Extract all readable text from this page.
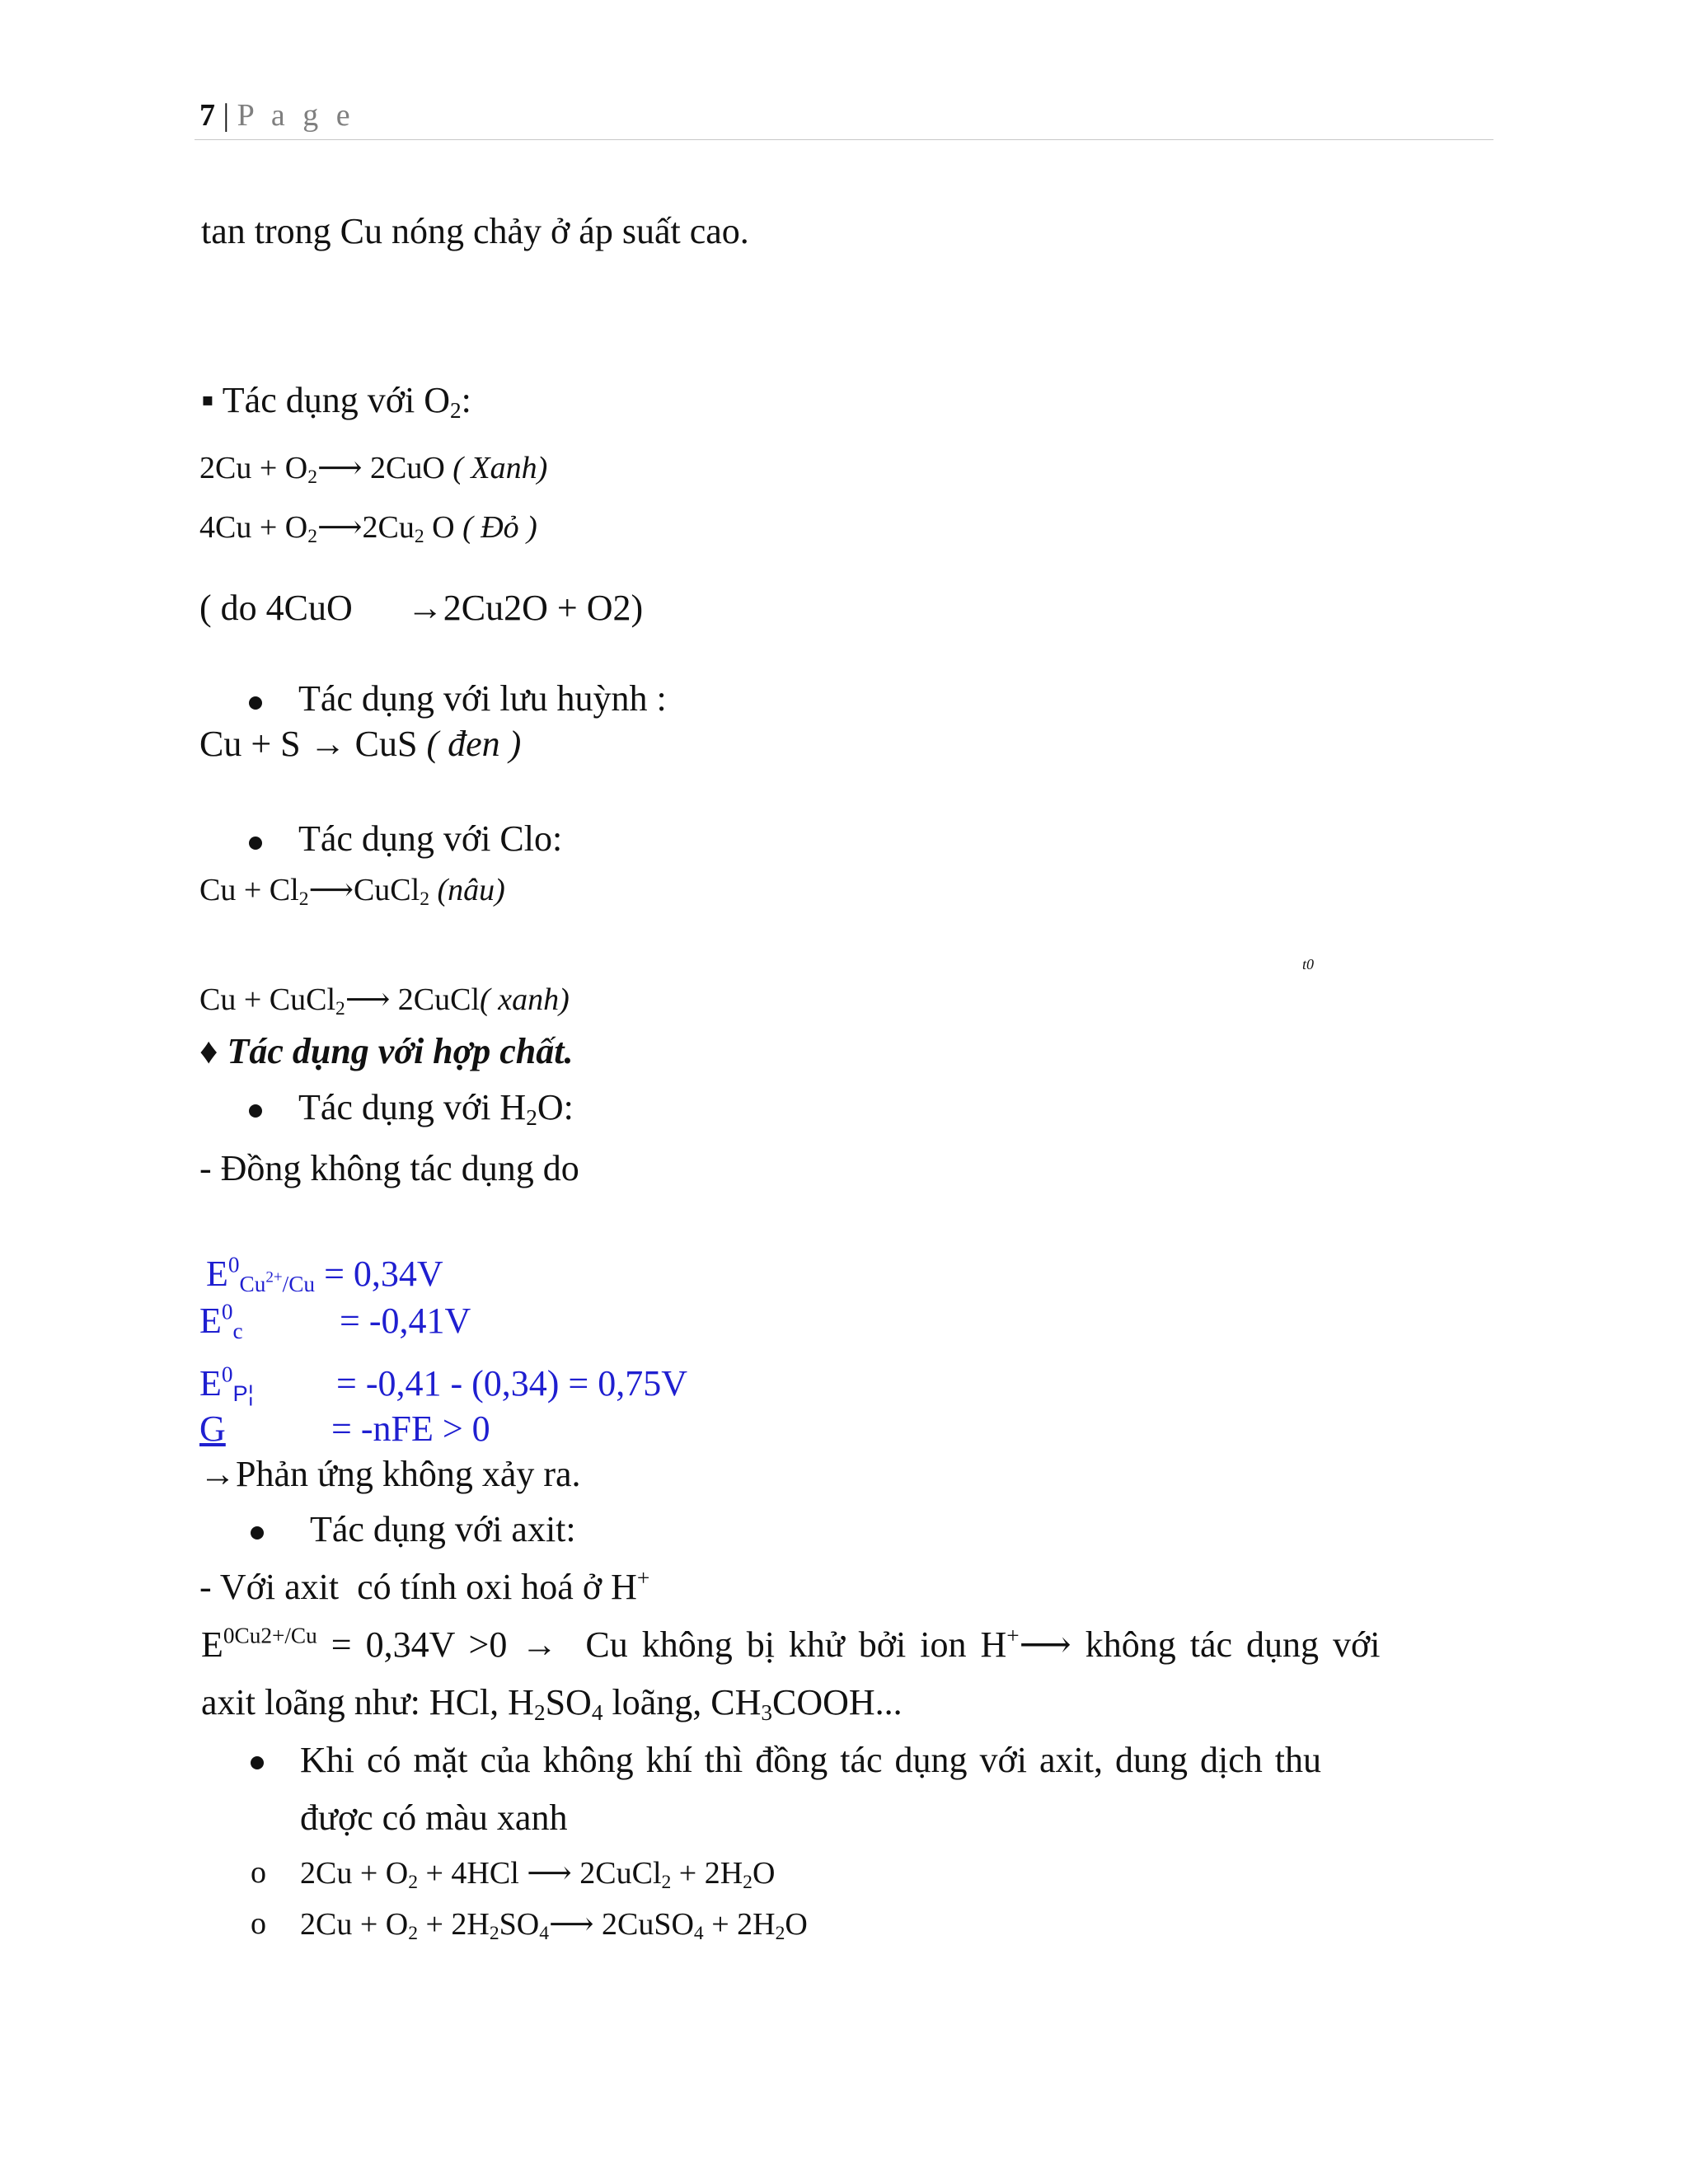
7 | P a g e
tan trong Cu nóng chảy ở áp suất cao.
▪ Tác dụng với $O_2$:
$2Cu + O_2⟶$ 2CuO ( Xanh)
$4Cu + O_2⟶2Cu_2$ O ( Đỏ )
( do 4CuO      →2Cu2O + O2)
Tác dụng với lưu huỳnh :
Cu + S → CuS ( đen )
Tác dụng với Clo:
$Cu + Cl_2⟶CuCl_2$ (nâu)
t0
Cu + CuCl$_2$⟶ 2CuCl( xanh)
♦ Tác dụng với hợp chất.
Tác dụng với $H_2O$:
- Đồng không tác dụng do
$E^0_{Cu^{2+}/Cu} = 0,34V$
$E^0_c$	= -0,41V
$E^0_{P¦} = -0,41 - (0,34) = 0,75V$
G	= -nFE > 0
→Phản ứng không xảy ra.
Tác dụng với axit:
- Với axit  có tính oxi hoá ở H+
$E^{0Cu2+/Cu} = 0,34V >0 \to Cu$ không bị khử bởi ion H+⟶ không tác dụng với
axit loãng như: HCl, $H_2SO_4$ loãng, $CH_3COOH$...
Khi có mặt của không khí thì đồng tác dụng với axit, dung dịch thu
được có màu xanh
o $2Cu + O_2 + 4HCl$ ⟶ 2CuCl$_2$ + $2H_2O$
o $2Cu + O_2$ + $2H_2SO_4⟶$ 2CuSO$_4$ + $2H_2O$
